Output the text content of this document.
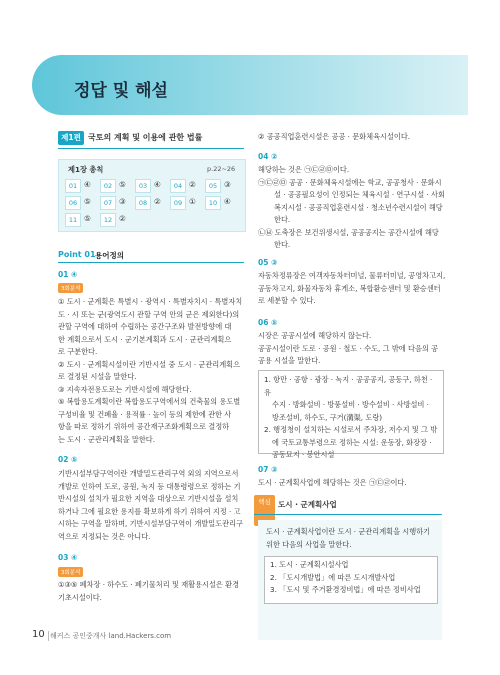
정답 및 해설
제1편 국토의 계획 및 이용에 관한 법률
제1장 총칙	p.22~26
01 ④	02 ⑤	03 ④	04 ②	05 ③
06 ⑤	07 ③	08 ②	09 ①	10 ④
11 ⑤	12 ②
Point 01 용어정의
01 ④
3회분석
① 도시 · 군계획은 특별시 · 광역시 · 특별자치시 · 특별자치
도 · 시 또는 군(광역도시 관할 구역 안의 군은 제외한다)의
관할 구역에 대하여 수립하는 공간구조와 발전방향에 대
한 계획으로서 도시 · 군기본계획과 도시 · 군관리계획으
로 구분한다.
② 도시 · 군계획시설이란 기반시설 중 도시 · 군관리계획으
로 결정된 시설을 말한다.
③ 지속자전용도로는 기반시설에 해당한다.
⑤ 복합용도계획이란 복합용도구역에서의 건축물의 용도별
구성비율 및 건폐율 · 용적률 · 높이 등의 제한에 관한 사
항을 따로 정하기 위하여 공간재구조화계획으로 결정하
는 도시 · 군관리계획을 말한다.
02 ⑤
기반시설부담구역이란 개발밀도관리구역 외의 지역으로서
개발로 인하여 도로, 공원, 녹지 등 대통령령으로 정하는 기
반시설의 설치가 필요한 지역을 대상으로 기반시설을 설치
하거나 그에 필요한 용지를 확보하게 하기 위하여 지정 · 고
시하는 구역을 말하며, 기반시설부담구역이 개발밀도관리구
역으로 지정되는 것은 아니다.
03 ④
3회분석
①③⑤ 폐차장 · 하수도 · 폐기물처리 및 재활용시설은 환경
기초시설이다.
② 공공직업훈련시설은 공공 · 문화체육시설이다.
04 ②
해당하는 것은 ㉠㉢㉣㉤이다.
㉠㉢㉣㉤ 공공 · 문화체육시설에는 학교, 공공청사 · 문화시
설 · 공공필요성이 인정되는 체육시설 · 연구시설 · 사회
복지시설 · 공공직업훈련시설 · 청소년수련시설이 해당
한다.
㉡㉥ 도축장은 보건위생시설, 공공공지는 공간시설에 해당
한다.
05 ③
자동차정류장은 여객자동차터미널, 물류터미널, 공영차고지,
공동차고지, 화물자동차 휴게소, 복합환승센터 및 환승센터
로 세분할 수 있다.
06 ⑤
시장은 공공시설에 해당하지 않는다.
공공시설이란 도로 · 공원 · 철도 · 수도, 그 밖에 다음의 공
공용 시설을 말한다.
1. 항만 · 공항 · 광장 · 녹지 · 공공공지, 공동구, 하천 · 유
수지 · 방화설비 · 방풍설비 · 방수설비 · 사방설비 ·
방조설비, 하수도, 구거(溝渠, 도랑)
2. 행정청이 설치하는 시설로서 주차장, 저수지 및 그 밖
에 국토교통부령으로 정하는 시설: 운동장, 화장장 ·
공동묘지 · 봉안시설
07 ③
도시 · 군계획사업에 해당하는 것은 ㉠㉢㉣이다.
핵심 도시 · 군계획사업
도시 · 군계획사업이란 도시 · 군관리계획을 시행하기
위한 다음의 사업을 말한다.
1. 도시 · 군계획시설사업
2. 「도시개발법」에 따른 도시개발사업
3. 「도시 및 주거환경정비법」에 따른 정비사업
10 해커스 공인중개사 land.Hackers.com
